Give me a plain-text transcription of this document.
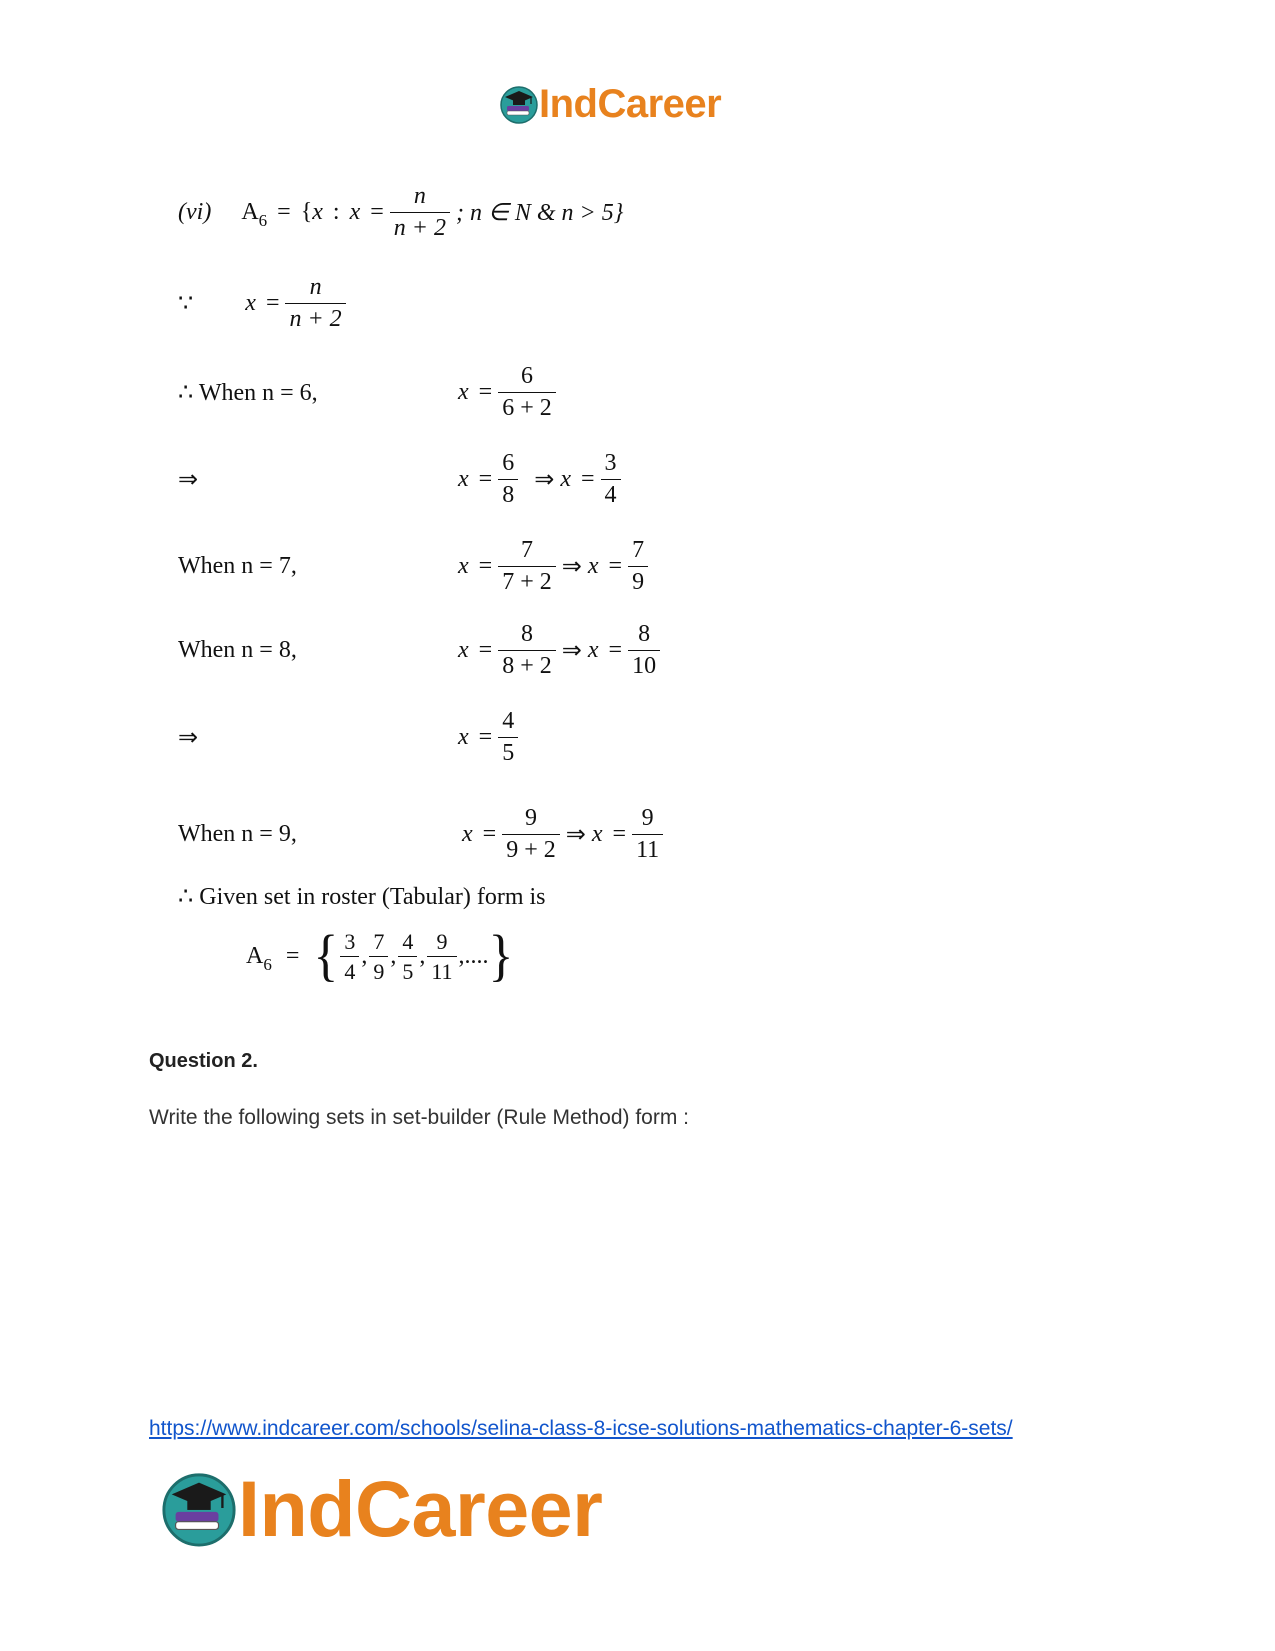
IndCareer
(vi) A 6 = { x : $x = \frac{n}{n + 2}$ ; n ∈ N & n > 5}
∵ $x = \frac{n}{n + 2}$
∴ When n = 6,	$x = \frac{6}{6 + 2}$
⇒	$x = \frac{6}{8}$ ⇒ $x = \frac{3}{4}$
When n = 7,	$x = \frac{7}{7 + 2}$ ⇒ $x = \frac{7}{9}$
When n = 8,	$x = \frac{8}{8 + 2}$ ⇒ $x = \frac{8}{10}$
⇒	$x = \frac{4}{5}$
When n = 9,	$x = \frac{9}{9 + 2}$ ⇒ $x = \frac{9}{11}$
∴ Given set in roster (Tabular) form is
A 6 = { $\frac{3}{4}$ , $\frac{7}{9}$ , $\frac{4}{5}$ , $\frac{9}{11}$ ,.... }
Question 2.
Write the following sets in set-builder (Rule Method) form :
https://www.indcareer.com/schools/selina-class-8-icse-solutions-mathematics-chapter-6-sets/
IndCareer
